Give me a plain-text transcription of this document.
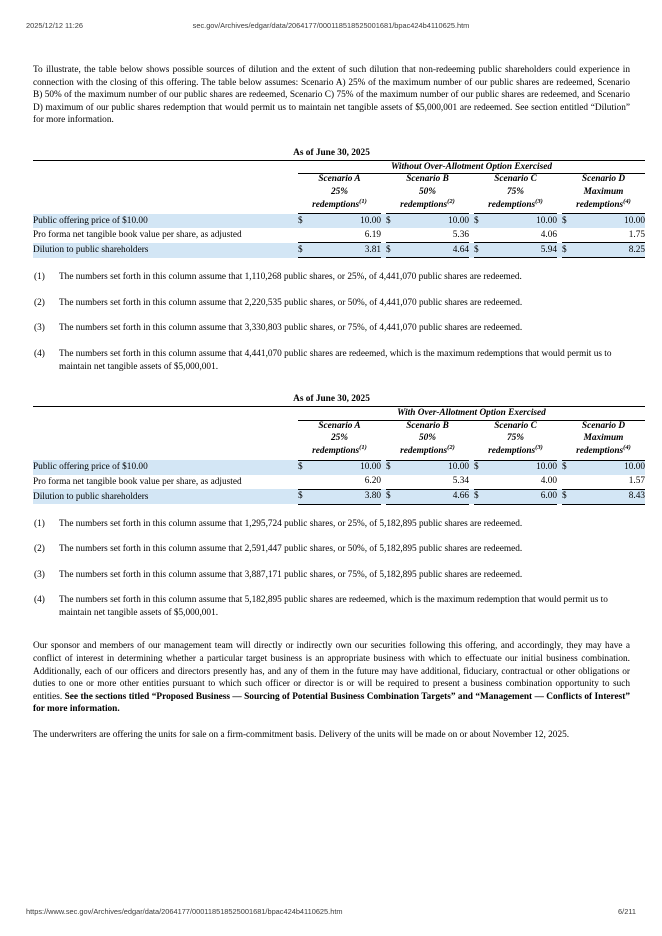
2025/12/12 11:26	sec.gov/Archives/edgar/data/2064177/000118518525001681/bpac424b4110625.htm

To illustrate, the table below shows possible sources of dilution and the extent of such dilution that non-redeeming public shareholders could experience in connection with the closing of this offering. The table below assumes: Scenario A) 25% of the maximum number of our public shares are redeemed, Scenario B) 50% of the maximum number of our public shares are redeemed, Scenario C) 75% of the maximum number of our public shares are redeemed, and Scenario D) maximum of our public shares redemption that would permit us to maintain net tangible assets of $5,000,001 are redeemed. See section entitled “Dilution” for more information.

As of June 30, 2025

	Without Over-Allotment Option Exercised										
	Scenario A			Scenario B			Scenario C			Scenario D	
	25%			50%			75%			Maximum	
	redemptions$^{(1)}$			redemptions$^{(2)}$			redemptions$^{(3)}$			redemptions$^{(4)}$
Public offering price of $10.00	$	10.00		$	10.00		$	10.00		$	10.00
Pro forma net tangible book value per share, as adjusted		6.19			5.36			4.06			1.75
Dilution to public shareholders	$	3.81		$	4.64		$	5.94		$	8.25
(1)	The numbers set forth in this column assume that 1,110,268 public shares, or 25%, of 4,441,070 public shares are redeemed.
(2)	The numbers set forth in this column assume that 2,220,535 public shares, or 50%, of 4,441,070 public shares are redeemed.
(3)	The numbers set forth in this column assume that 3,330,803 public shares, or 75%, of 4,441,070 public shares are redeemed.
(4)	The numbers set forth in this column assume that 4,441,070 public shares are redeemed, which is the maximum redemptions that would permit us to maintain net tangible assets of $5,000,001.
As of June 30, 2025

	With Over-Allotment Option Exercised										
	Scenario A			Scenario B			Scenario C			Scenario D	
	25%			50%			75%			Maximum	
	redemptions$^{(1)}$			redemptions$^{(2)}$			redemptions$^{(3)}$			redemptions$^{(4)}$
Public offering price of $10.00	$	10.00		$	10.00		$	10.00		$	10.00
Pro forma net tangible book value per share, as adjusted		6.20			5.34			4.00			1.57
Dilution to public shareholders	$	3.80		$	4.66		$	6.00		$	8.43
(1)	The numbers set forth in this column assume that 1,295,724 public shares, or 25%, of 5,182,895 public shares are redeemed.
(2)	The numbers set forth in this column assume that 2,591,447 public shares, or 50%, of 5,182,895 public shares are redeemed.
(3)	The numbers set forth in this column assume that 3,887,171 public shares, or 75%, of 5,182,895 public shares are redeemed.
(4)	The numbers set forth in this column assume that 5,182,895 public shares are redeemed, which is the maximum redemption that would permit us to maintain net tangible assets of $5,000,001.

Our sponsor and members of our management team will directly or indirectly own our securities following this offering, and accordingly, they may have a conflict of interest in determining whether a particular target business is an appropriate business with which to effectuate our initial business combination. Additionally, each of our officers and directors presently has, and any of them in the future may have additional, fiduciary, contractual or other obligations or duties to one or more other entities pursuant to which such officer or director is or will be required to present a business combination opportunity to such entities. See the sections titled “Proposed Business — Sourcing of Potential Business Combination Targets” and “Management — Conflicts of Interest” for more information.

The underwriters are offering the units for sale on a firm-commitment basis. Delivery of the units will be made on or about November 12, 2025.

https://www.sec.gov/Archives/edgar/data/2064177/000118518525001681/bpac424b4110625.htm	6/211
